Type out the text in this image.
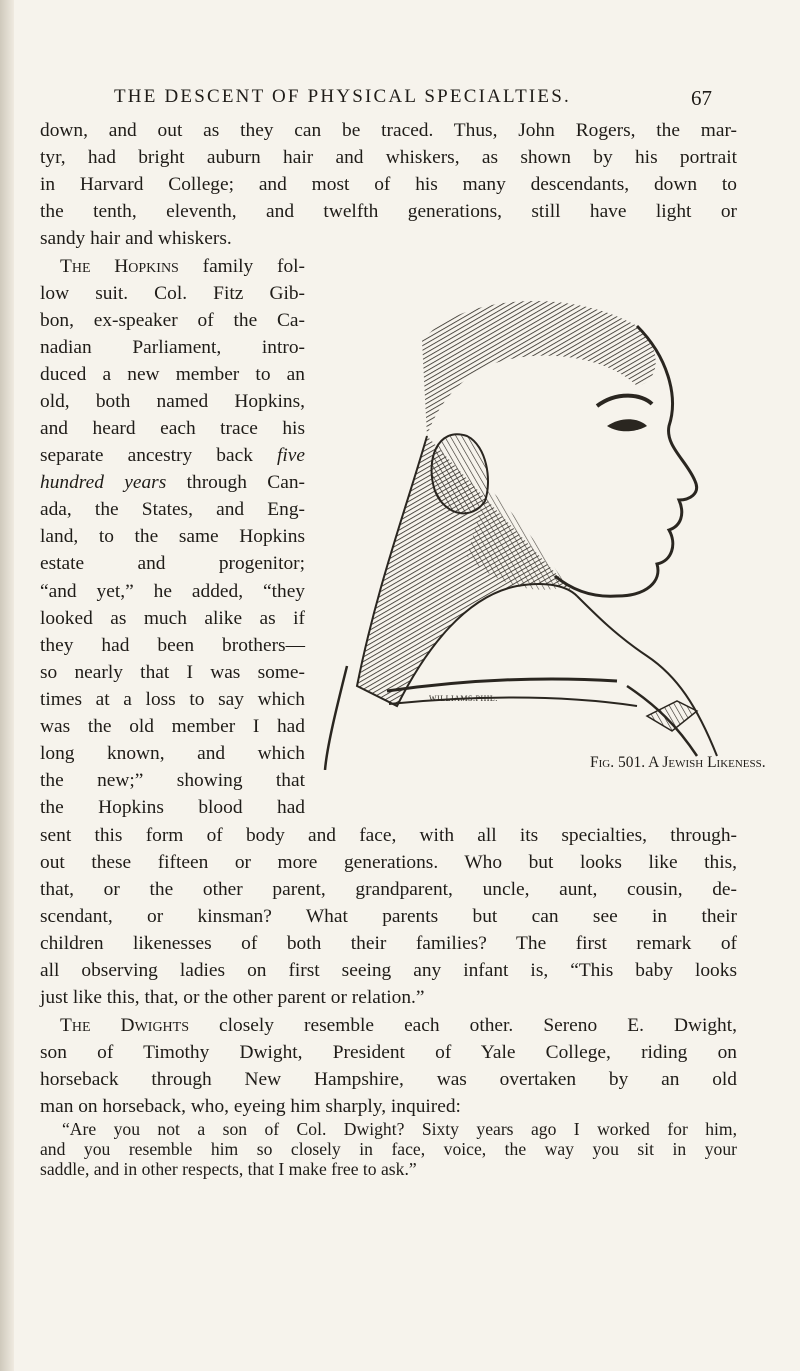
THE DESCENT OF PHYSICAL SPECIALTIES.	67
down, and out as they can be traced. Thus, John Rogers, the mar-
tyr, had bright auburn hair and whiskers, as shown by his portrait
in Harvard College; and most of his many descendants, down to
the tenth, eleventh, and twelfth generations, still have light or
sandy hair and whiskers.
The Hopkins family fol-
low suit. Col. Fitz Gib-
bon, ex-speaker of the Ca-
nadian Parliament, intro-
duced a new member to an
old, both named Hopkins,
and heard each trace his
separate ancestry back five
hundred years through Can-
ada, the States, and Eng-
land, to the same Hopkins
estate and progenitor;
“and yet,” he added, “they
looked as much alike as if
they had been brothers—
so nearly that I was some-
times at a loss to say which
was the old member I had
long known, and which
the new;” showing that
the Hopkins blood had
sent this form of body and face, with all its specialties, through-
out these fifteen or more generations. Who but looks like this,
that, or the other parent, grandparent, uncle, aunt, cousin, de-
scendant, or kinsman? What parents but can see in their
children likenesses of both their families? The first remark of
all observing ladies on first seeing any infant is, “This baby looks
just like this, that, or the other parent or relation.”
The Dwights closely resemble each other. Sereno E. Dwight,
son of Timothy Dwight, President of Yale College, riding on
horseback through New Hampshire, was overtaken by an old
man on horseback, who, eyeing him sharply, inquired:
“Are you not a son of Col. Dwight? Sixty years ago I worked for him,
and you resemble him so closely in face, voice, the way you sit in your
saddle, and in other respects, that I make free to ask.”
WILLIAMS.PHIL.
Fig. 501. A Jewish Likeness.
